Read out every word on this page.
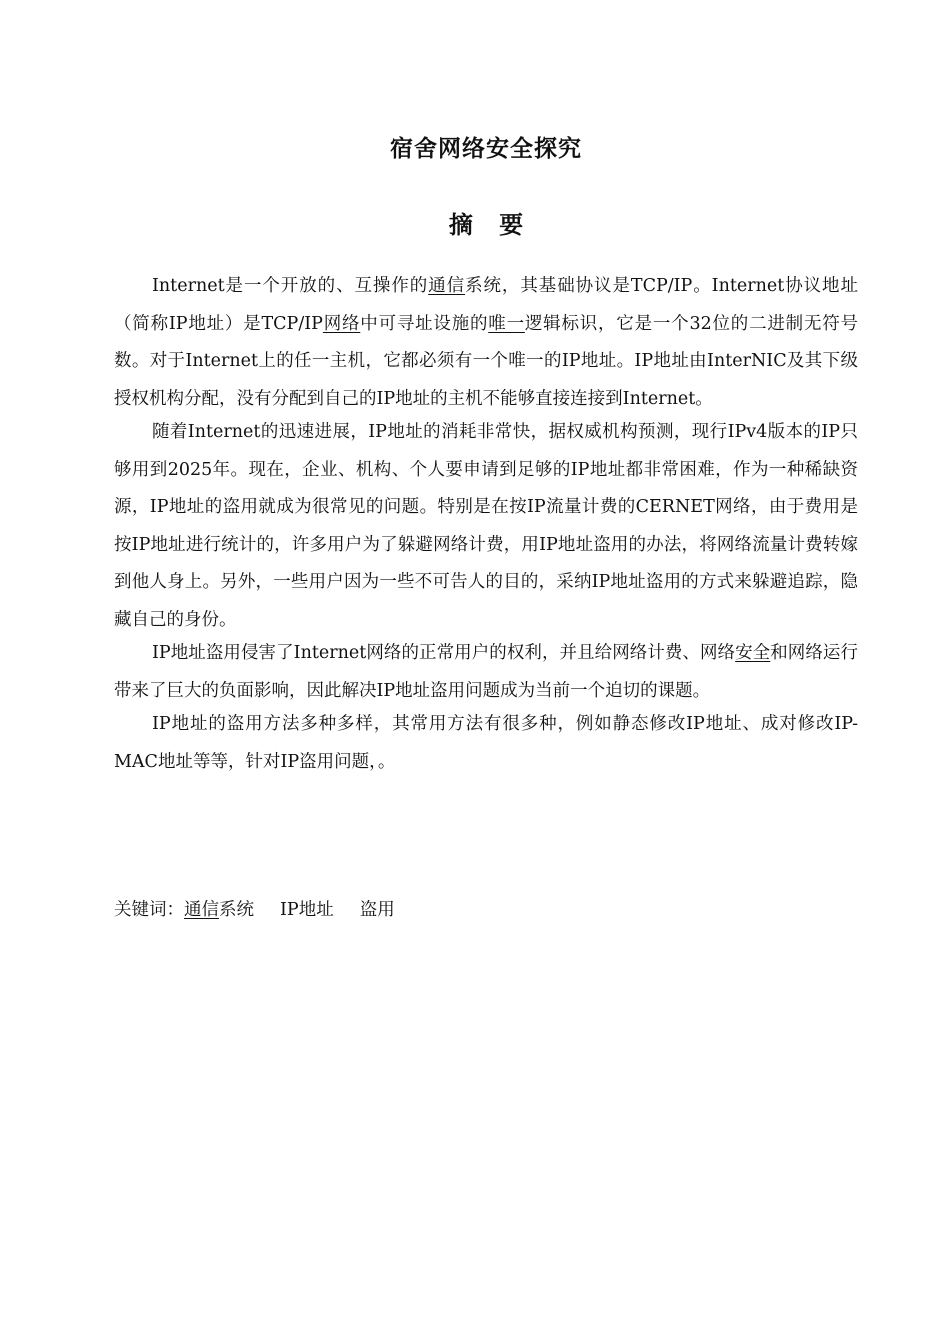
宿舍网络安全探究
摘 要

Internet是一个开放的、互操作的通信系统，其基础协议是TCP/IP。Internet协议地址（简称IP地址）是TCP/IP网络中可寻址设施的唯一逻辑标识，它是一个32位的二进制无符号数。对于Internet上的任一主机，它都必须有一个唯一的IP地址。IP地址由InterNIC及其下级授权机构分配，没有分配到自己的IP地址的主机不能够直接连接到Internet。

随着Internet的迅速进展，IP地址的消耗非常快，据权威机构预测，现行IPv4版本的IP只够用到2025年。现在，企业、机构、个人要申请到足够的IP地址都非常困难，作为一种稀缺资源，IP地址的盗用就成为很常见的问题。特别是在按IP流量计费的CERNET网络，由于费用是按IP地址进行统计的，许多用户为了躲避网络计费，用IP地址盗用的办法，将网络流量计费转嫁到他人身上。另外，一些用户因为一些不可告人的目的，采纳IP地址盗用的方式来躲避追踪，隐藏自己的身份。

IP地址盗用侵害了Internet网络的正常用户的权利，并且给网络计费、网络安全和网络运行带来了巨大的负面影响，因此解决IP地址盗用问题成为当前一个迫切的课题。

IP地址的盗用方法多种多样，其常用方法有很多种，例如静态修改IP地址、成对修改IP-MAC地址等等，针对IP盗用问题，。

关键词：通信系统 IP地址 盗用
